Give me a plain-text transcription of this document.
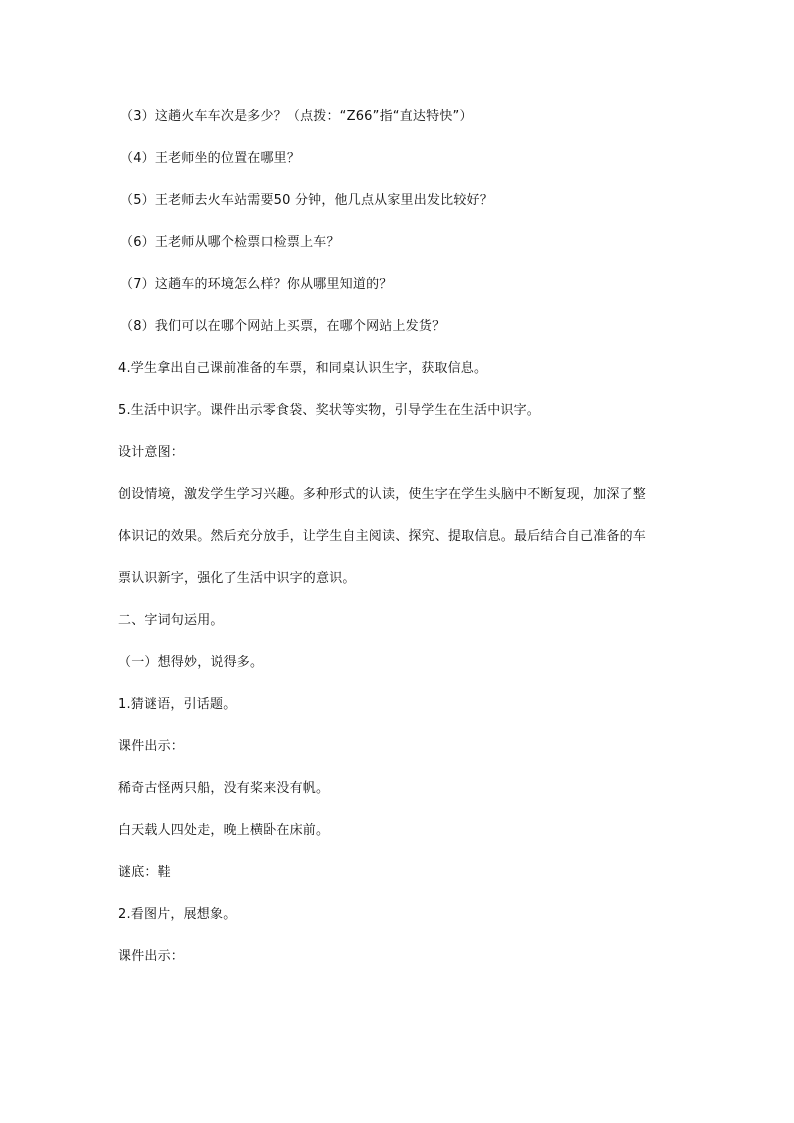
（3）这趟火车车次是多少？（点拨：“Z66”指“直达特快”）
（4）王老师坐的位置在哪里？
（5）王老师去火车站需要50 分钟，他几点从家里出发比较好？
（6）王老师从哪个检票口检票上车？
（7）这趟车的环境怎么样？你从哪里知道的？
（8）我们可以在哪个网站上买票，在哪个网站上发货？
4.学生拿出自己课前准备的车票，和同桌认识生字，获取信息。
5.生活中识字。课件出示零食袋、奖状等实物，引导学生在生活中识字。
设计意图：
创设情境，激发学生学习兴趣。多种形式的认读，使生字在学生头脑中不断复现，加深了整
体识记的效果。然后充分放手，让学生自主阅读、探究、提取信息。最后结合自己准备的车
票认识新字，强化了生活中识字的意识。
二、字词句运用。
（一）想得妙，说得多。
1.猜谜语，引话题。
课件出示：
稀奇古怪两只船，没有桨来没有帆。
白天载人四处走，晚上横卧在床前。
谜底：鞋
2.看图片，展想象。
课件出示：
